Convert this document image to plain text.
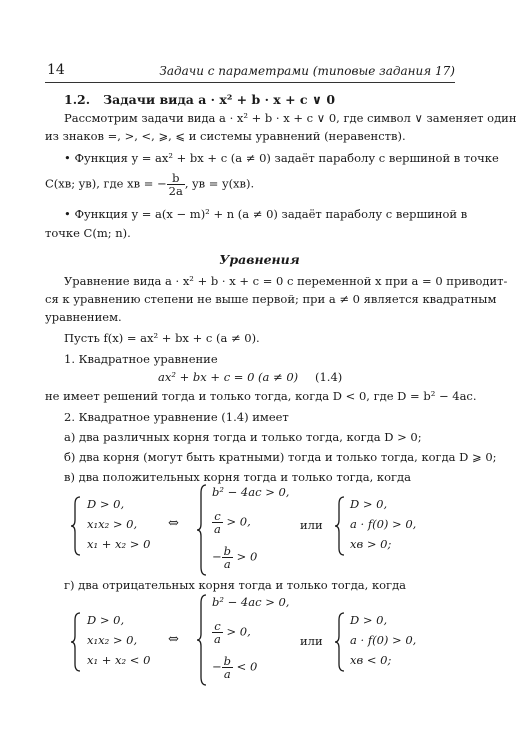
14	Задачи с параметрами (типовые задания 17)
1.2. Задачи вида a · x² + b · x + c ∨ 0
Рассмотрим задачи вида a · x² + b · x + c ∨ 0, где символ ∨ заменяет один
из знаков =, >, <, ⩾, ⩽ и системы уравнений (неравенств).
• Функция y = ax² + bx + c (a ≠ 0) задаёт параболу с вершиной в точке
C(xв; yв), где xв = − $\frac{b}{2a}$ , yв = y(xв).
• Функция y = a(x − m)² + n (a ≠ 0) задаёт параболу с вершиной в
точке C(m; n).
Уравнения
Уравнение вида a · x² + b · x + c = 0 с переменной x при a = 0 приводит-
ся к уравнению степени не выше первой; при a ≠ 0 является квадратным
уравнением.
Пусть f(x) = ax² + bx + c (a ≠ 0).
1. Квадратное уравнение
ax² + bx + c = 0 (a ≠ 0) (1.4)
не имеет решений тогда и только тогда, когда D < 0, где D = b² − 4ac.
2. Квадратное уравнение (1.4) имеет
а) два различных корня тогда и только тогда, когда D > 0;
б) два корня (могут быть кратными) тогда и только тогда, когда D ⩾ 0;
в) два положительных корня тогда и только тогда, когда
D > 0,
x₁x₂ > 0,
x₁ + x₂ > 0
⇔
b² − 4ac > 0,
$\frac{c}{a} > 0$,
− $\frac{b}{a} > 0$
или
D > 0,
a · f(0) > 0,
xв > 0;
г) два отрицательных корня тогда и только тогда, когда
D > 0,
x₁x₂ > 0,
x₁ + x₂ < 0
⇔
b² − 4ac > 0,
$\frac{c}{a} > 0$,
− $\frac{b}{a} < 0$
или
D > 0,
a · f(0) > 0,
xв < 0;
